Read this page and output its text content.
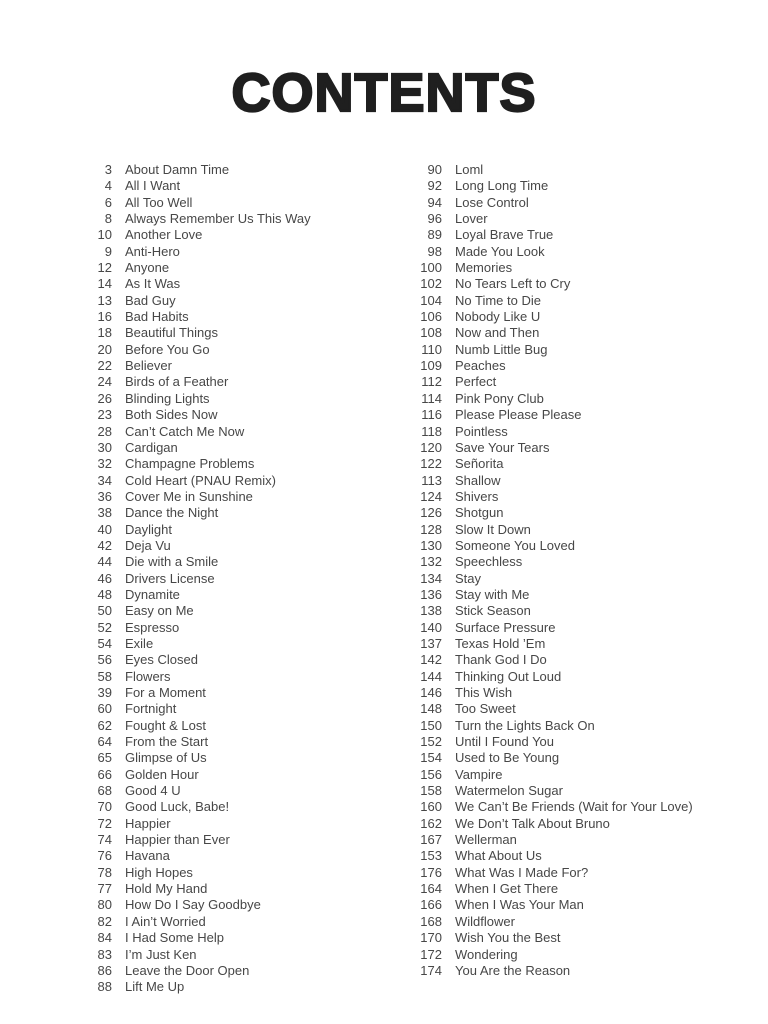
CONTENTS
3 About Damn Time
4 All I Want
6 All Too Well
8 Always Remember Us This Way
10 Another Love
9 Anti-Hero
12 Anyone
14 As It Was
13 Bad Guy
16 Bad Habits
18 Beautiful Things
20 Before You Go
22 Believer
24 Birds of a Feather
26 Blinding Lights
23 Both Sides Now
28 Can’t Catch Me Now
30 Cardigan
32 Champagne Problems
34 Cold Heart (PNAU Remix)
36 Cover Me in Sunshine
38 Dance the Night
40 Daylight
42 Deja Vu
44 Die with a Smile
46 Drivers License
48 Dynamite
50 Easy on Me
52 Espresso
54 Exile
56 Eyes Closed
58 Flowers
39 For a Moment
60 Fortnight
62 Fought & Lost
64 From the Start
65 Glimpse of Us
66 Golden Hour
68 Good 4 U
70 Good Luck, Babe!
72 Happier
74 Happier than Ever
76 Havana
78 High Hopes
77 Hold My Hand
80 How Do I Say Goodbye
82 I Ain’t Worried
84 I Had Some Help
83 I’m Just Ken
86 Leave the Door Open
88 Lift Me Up
90 Loml
92 Long Long Time
94 Lose Control
96 Lover
89 Loyal Brave True
98 Made You Look
100 Memories
102 No Tears Left to Cry
104 No Time to Die
106 Nobody Like U
108 Now and Then
110 Numb Little Bug
109 Peaches
112 Perfect
114 Pink Pony Club
116 Please Please Please
118 Pointless
120 Save Your Tears
122 Señorita
113 Shallow
124 Shivers
126 Shotgun
128 Slow It Down
130 Someone You Loved
132 Speechless
134 Stay
136 Stay with Me
138 Stick Season
140 Surface Pressure
137 Texas Hold ’Em
142 Thank God I Do
144 Thinking Out Loud
146 This Wish
148 Too Sweet
150 Turn the Lights Back On
152 Until I Found You
154 Used to Be Young
156 Vampire
158 Watermelon Sugar
160 We Can’t Be Friends (Wait for Your Love)
162 We Don’t Talk About Bruno
167 Wellerman
153 What About Us
176 What Was I Made For?
164 When I Get There
166 When I Was Your Man
168 Wildflower
170 Wish You the Best
172 Wondering
174 You Are the Reason
